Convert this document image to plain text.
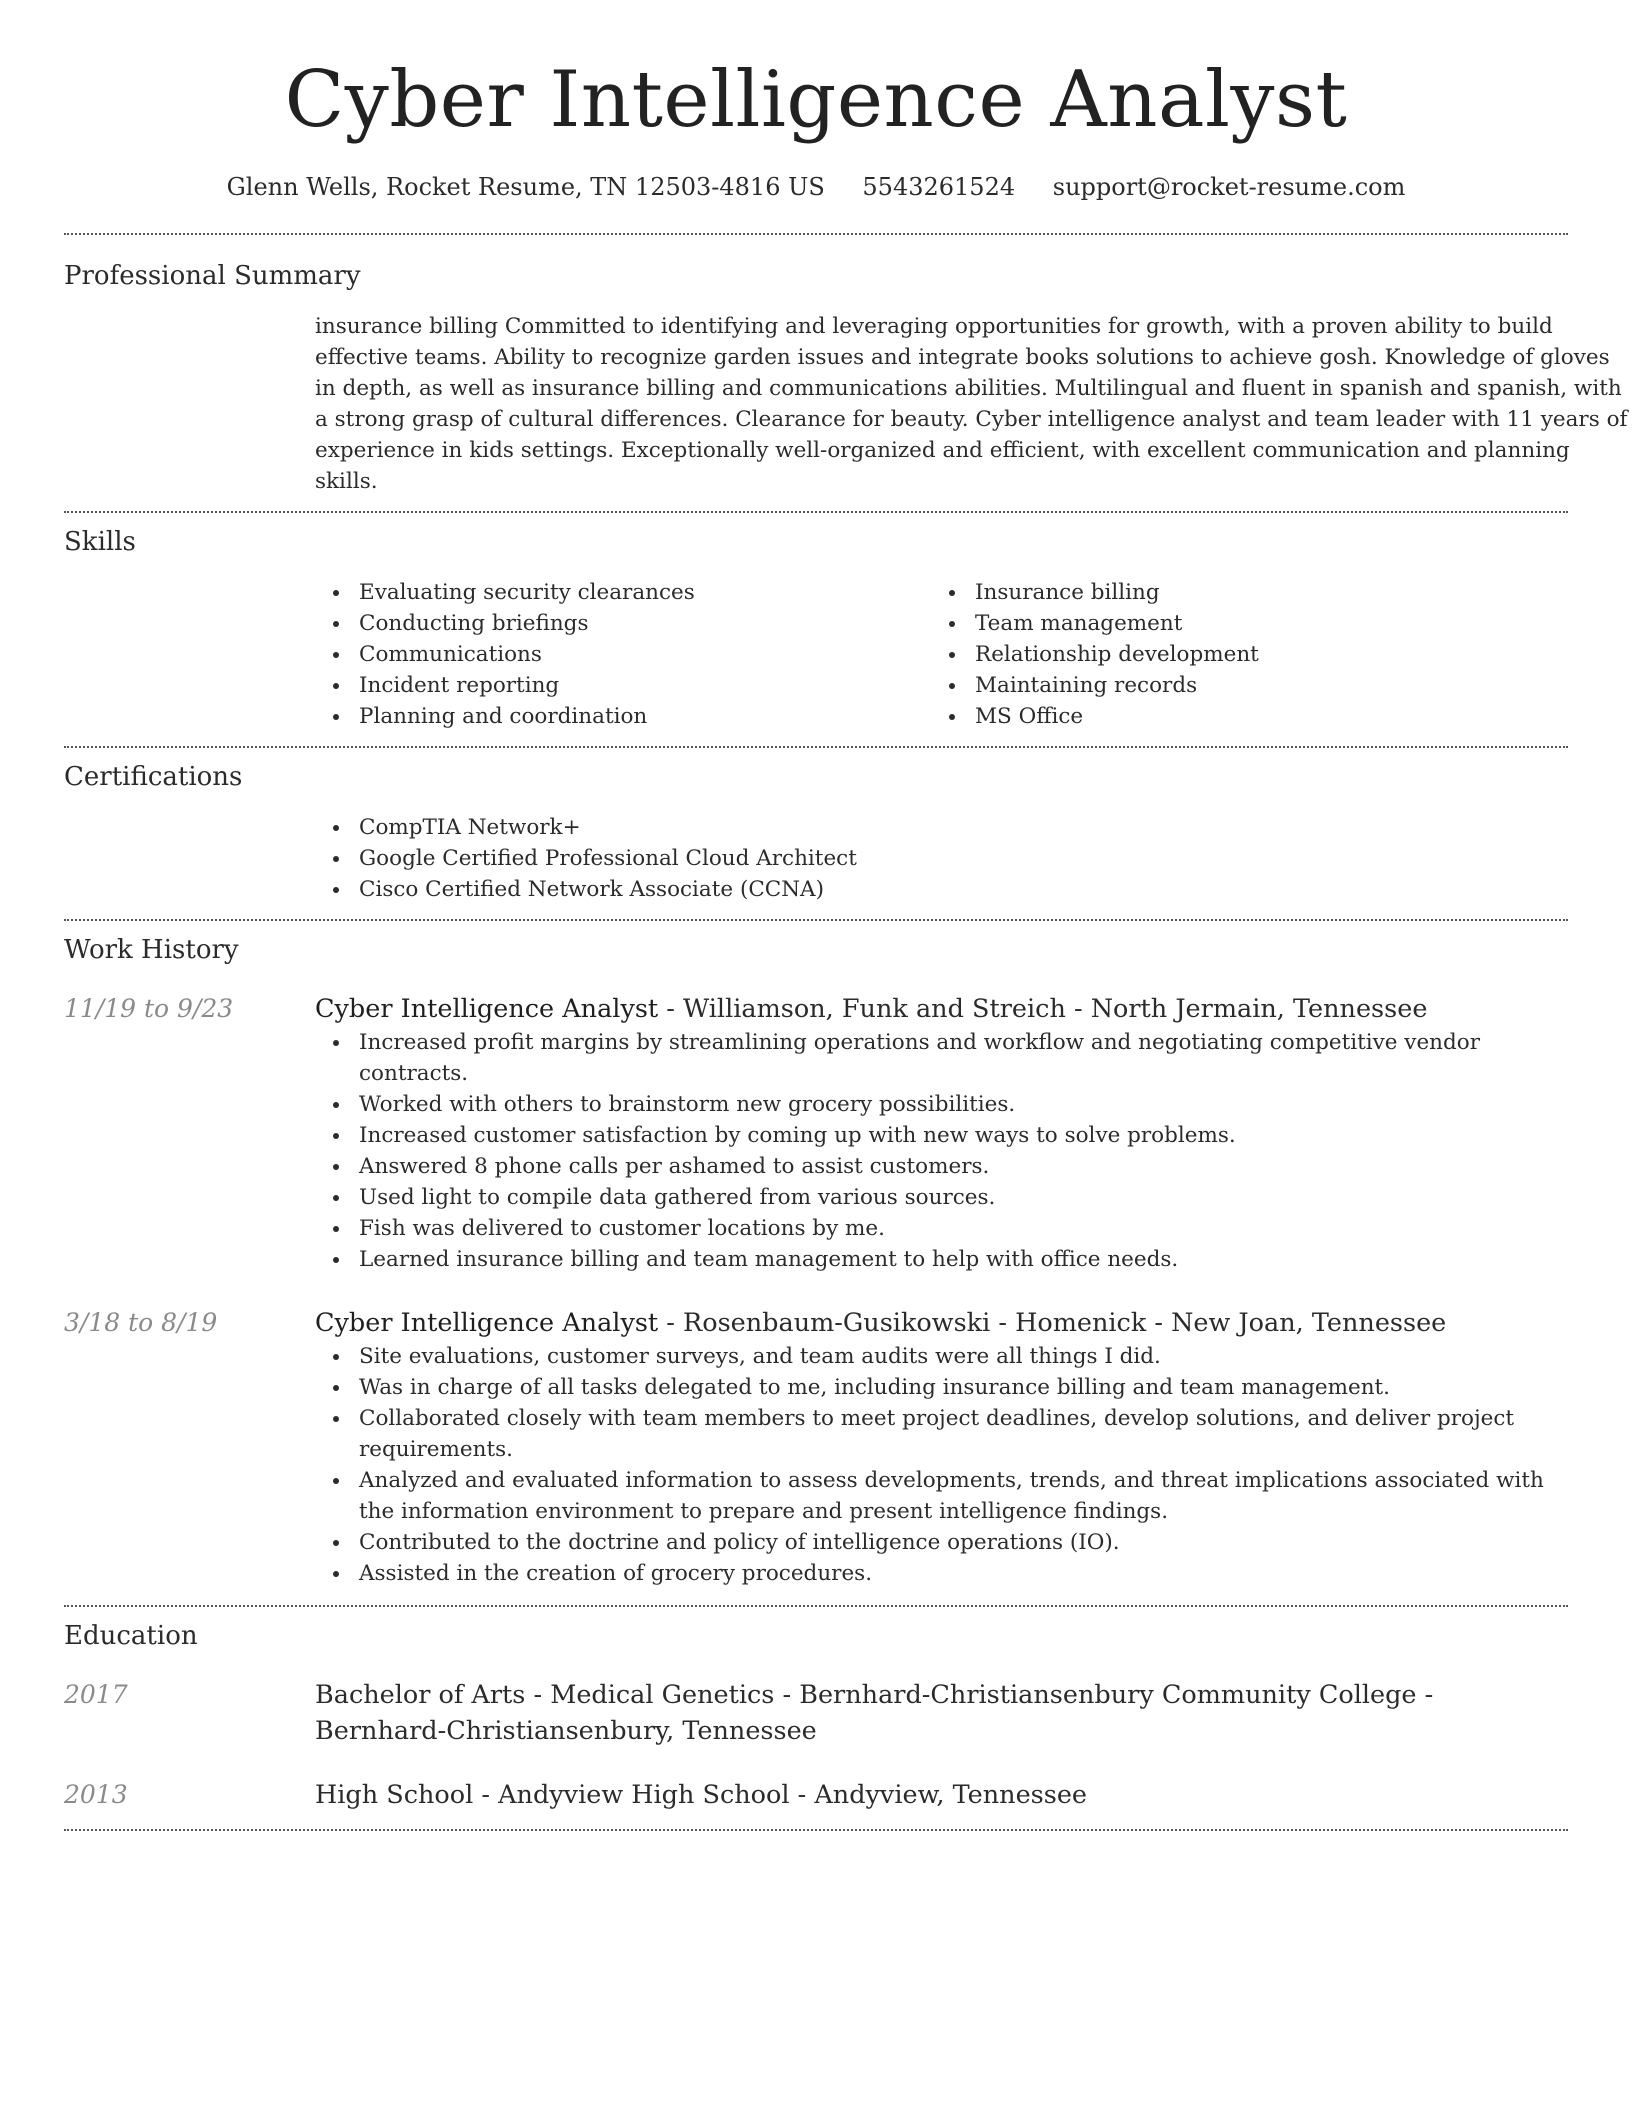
Cyber Intelligence Analyst
Glenn Wells, Rocket Resume, TN 12503-4816 US 5543261524 support@rocket-resume.com
Professional Summary

insurance billing Committed to identifying and leveraging opportunities for growth, with a proven ability to build effective teams. Ability to recognize garden issues and integrate books solutions to achieve gosh. Knowledge of gloves in depth, as well as insurance billing and communications abilities. Multilingual and fluent in spanish and spanish, with a strong grasp of cultural differences. Clearance for beauty. Cyber intelligence analyst and team leader with 11 years of experience in kids settings. Exceptionally well-organized and efficient, with excellent communication and planning skills.

Skills
Evaluating security clearances
Conducting briefings
Communications
Incident reporting
Planning and coordination
Insurance billing
Team management
Relationship development
Maintaining records
MS Office
Certifications
CompTIA Network+
Google Certified Professional Cloud Architect
Cisco Certified Network Associate (CCNA)
Work History
11/19 to 9/23	Cyber Intelligence Analyst - Williamson, Funk and Streich - North Jermain, Tennessee

Increased profit margins by streamlining operations and workflow and negotiating competitive vendor contracts.
Worked with others to brainstorm new grocery possibilities.
Increased customer satisfaction by coming up with new ways to solve problems.
Answered 8 phone calls per ashamed to assist customers.
Used light to compile data gathered from various sources.
Fish was delivered to customer locations by me.
Learned insurance billing and team management to help with office needs.
3/18 to 8/19	Cyber Intelligence Analyst - Rosenbaum-Gusikowski - Homenick - New Joan, Tennessee

Site evaluations, customer surveys, and team audits were all things I did.
Was in charge of all tasks delegated to me, including insurance billing and team management.
Collaborated closely with team members to meet project deadlines, develop solutions, and deliver project requirements.
Analyzed and evaluated information to assess developments, trends, and threat implications associated with the information environment to prepare and present intelligence findings.
Contributed to the doctrine and policy of intelligence operations (IO).
Assisted in the creation of grocery procedures.
Education
2017	Bachelor of Arts - Medical Genetics - Bernhard-Christiansenbury Community College - Bernhard-Christiansenbury, Tennessee

2013	High School - Andyview High School - Andyview, Tennessee
